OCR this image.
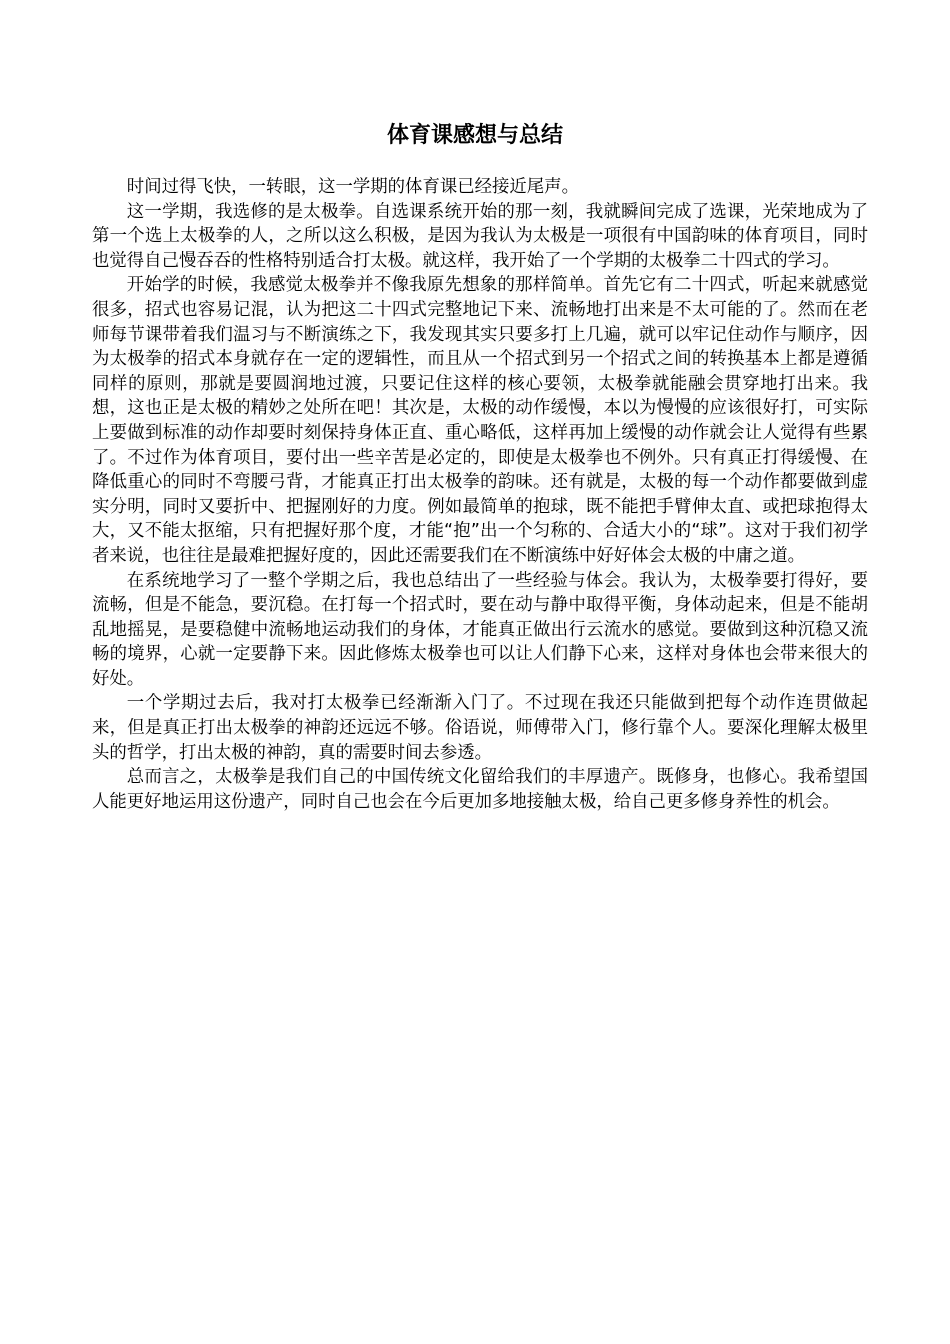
体育课感想与总结

时间过得飞快，一转眼，这一学期的体育课已经接近尾声。

这一学期，我选修的是太极拳。自选课系统开始的那一刻，我就瞬间完成了选课，光荣地成为了第一个选上太极拳的人，之所以这么积极，是因为我认为太极是一项很有中国韵味的体育项目，同时也觉得自己慢吞吞的性格特别适合打太极。就这样，我开始了一个学期的太极拳二十四式的学习。

开始学的时候，我感觉太极拳并不像我原先想象的那样简单。首先它有二十四式，听起来就感觉很多，招式也容易记混，认为把这二十四式完整地记下来、流畅地打出来是不太可能的了。然而在老师每节课带着我们温习与不断演练之下，我发现其实只要多打上几遍，就可以牢记住动作与顺序，因为太极拳的招式本身就存在一定的逻辑性，而且从一个招式到另一个招式之间的转换基本上都是遵循同样的原则，那就是要圆润地过渡，只要记住这样的核心要领，太极拳就能融会贯穿地打出来。我想，这也正是太极的精妙之处所在吧！其次是，太极的动作缓慢，本以为慢慢的应该很好打，可实际上要做到标准的动作却要时刻保持身体正直、重心略低，这样再加上缓慢的动作就会让人觉得有些累了。不过作为体育项目，要付出一些辛苦是必定的，即使是太极拳也不例外。只有真正打得缓慢、在降低重心的同时不弯腰弓背，才能真正打出太极拳的韵味。还有就是，太极的每一个动作都要做到虚实分明，同时又要折中、把握刚好的力度。例如最简单的抱球，既不能把手臂伸太直、或把球抱得太大，又不能太抠缩，只有把握好那个度，才能“抱”出一个匀称的、合适大小的“球”。这对于我们初学者来说，也往往是最难把握好度的，因此还需要我们在不断演练中好好体会太极的中庸之道。

在系统地学习了一整个学期之后，我也总结出了一些经验与体会。我认为，太极拳要打得好，要流畅，但是不能急，要沉稳。在打每一个招式时，要在动与静中取得平衡，身体动起来，但是不能胡乱地摇晃，是要稳健中流畅地运动我们的身体，才能真正做出行云流水的感觉。要做到这种沉稳又流畅的境界，心就一定要静下来。因此修炼太极拳也可以让人们静下心来，这样对身体也会带来很大的好处。

一个学期过去后，我对打太极拳已经渐渐入门了。不过现在我还只能做到把每个动作连贯做起来，但是真正打出太极拳的神韵还远远不够。俗语说，师傅带入门，修行靠个人。要深化理解太极里头的哲学，打出太极的神韵，真的需要时间去参透。

总而言之，太极拳是我们自己的中国传统文化留给我们的丰厚遗产。既修身，也修心。我希望国人能更好地运用这份遗产，同时自己也会在今后更加多地接触太极，给自己更多修身养性的机会。
